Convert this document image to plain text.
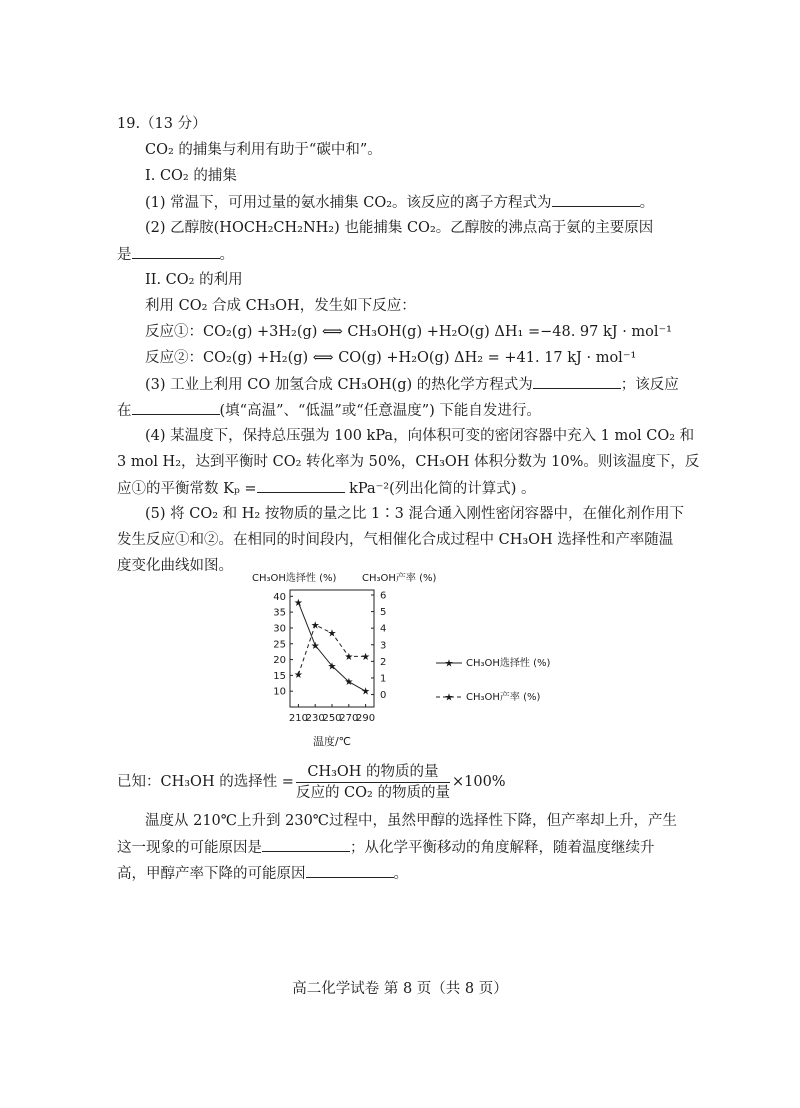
19.（13 分）
CO₂ 的捕集与利用有助于“碳中和”。
I. CO₂ 的捕集
(1) 常温下，可用过量的氨水捕集 CO₂。该反应的离子方程式为	。
(2) 乙醇胺(HOCH₂CH₂NH₂) 也能捕集 CO₂。乙醇胺的沸点高于氨的主要原因
是	。
II. CO₂ 的利用
利用 CO₂ 合成 CH₃OH，发生如下反应：
反应①：CO₂(g) +3H₂(g) ⟺ CH₃OH(g) +H₂O(g) ΔH₁ =−48. 97 kJ · mol⁻¹
反应②：CO₂(g) +H₂(g) ⟺ CO(g) +H₂O(g) ΔH₂ = +41. 17 kJ · mol⁻¹
(3) 工业上利用 CO 加氢合成 CH₃OH(g) 的热化学方程式为	；该反应
在	(填“高温”、“低温”或“任意温度”) 下能自发进行。
(4) 某温度下，保持总压强为 100 kPa，向体积可变的密闭容器中充入 1 mol CO₂ 和
3 mol H₂，达到平衡时 CO₂ 转化率为 50%，CH₃OH 体积分数为 10%。则该温度下，反
应①的平衡常数 Kₚ =	kPa⁻²(列出化简的计算式) 。
(5) 将 CO₂ 和 H₂ 按物质的量之比 1∶3 混合通入刚性密闭容器中，在催化剂作用下
发生反应①和②。在相同的时间段内，气相催化合成过程中 CH₃OH 选择性和产率随温
度变化曲线如图。
CH₃OH选择性 (%)	CH₃OH产率 (%)
10
15
20
25
30
35
40
0
1
2
3
4
5
6
210
230
250
270
290
★
★
★
★
★
★
★
★
★ ★
温度/℃
★ CH₃OH选择性 (%)
★ CH₃OH产率 (%)
已知：CH₃OH 的选择性 = $\frac{\text{CH₃OH 的物质的量}}{\text{反应的 CO₂ 的物质的量}} \times 100\%$
温度从 210℃上升到 230℃过程中，虽然甲醇的选择性下降，但产率却上升，产生
这一现象的可能原因是	；从化学平衡移动的角度解释，随着温度继续升
高，甲醇产率下降的可能原因	。
高二化学试卷 第 8 页（共 8 页）
